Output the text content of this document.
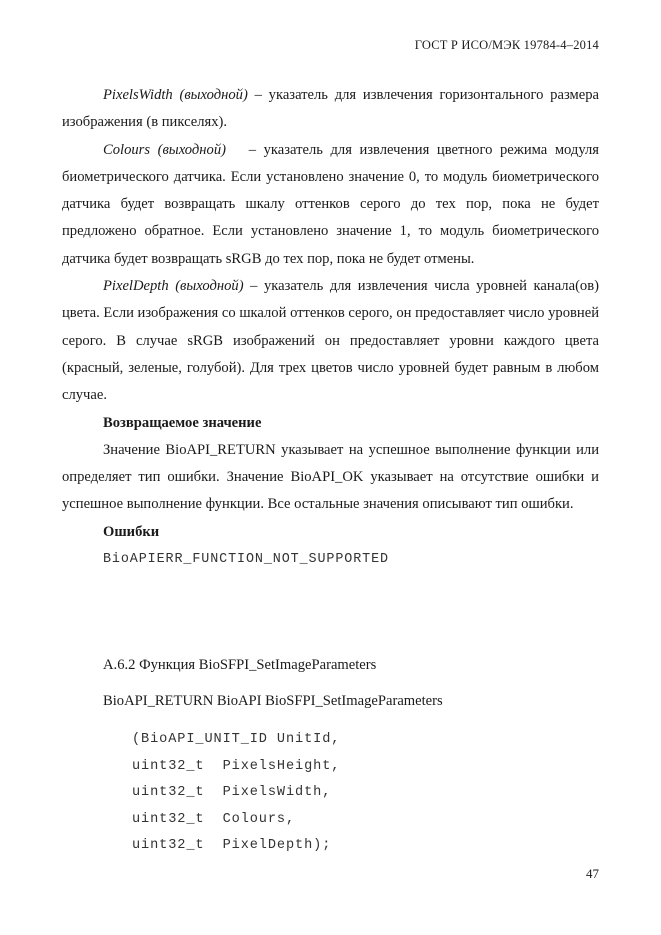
ГОСТ Р ИСО/МЭК 19784-4–2014

PixelsWidth (выходной) – указатель для извлечения горизонтального размера изображения (в пикселях).

Colours (выходной)   – указатель для извлечения цветного режима модуля биометрического датчика. Если установлено значение 0, то модуль биометрического датчика будет возвращать шкалу оттенков серого до тех пор, пока не будет предложено обратное. Если установлено значение 1, то модуль биометрического датчика будет возвращать sRGB до тех пор, пока не будет отмены.

PixelDepth (выходной) – указатель для извлечения числа уровней канала(ов) цвета. Если изображения со шкалой оттенков серого, он предоставляет число уровней серого. В случае sRGB изображений он предоставляет уровни каждого цвета (красный, зеленые, голубой). Для трех цветов число уровней будет равным в любом случае.

Возвращаемое значение

Значение BioAPI_RETURN указывает на успешное выполнение функции или определяет тип ошибки. Значение BioAPI_OK указывает на отсутствие ошибки и успешное выполнение функции. Все остальные значения описывают тип ошибки.

Ошибки

BioAPIERR_FUNCTION_NOT_SUPPORTED

А.6.2 Функция BioSFPI_SetImageParameters
BioAPI_RETURN BioAPI BioSFPI_SetImageParameters
(BioAPI_UNIT_ID UnitId,
uint32_t  PixelsHeight,
uint32_t  PixelsWidth,
uint32_t  Colours,
uint32_t  PixelDepth);
47
